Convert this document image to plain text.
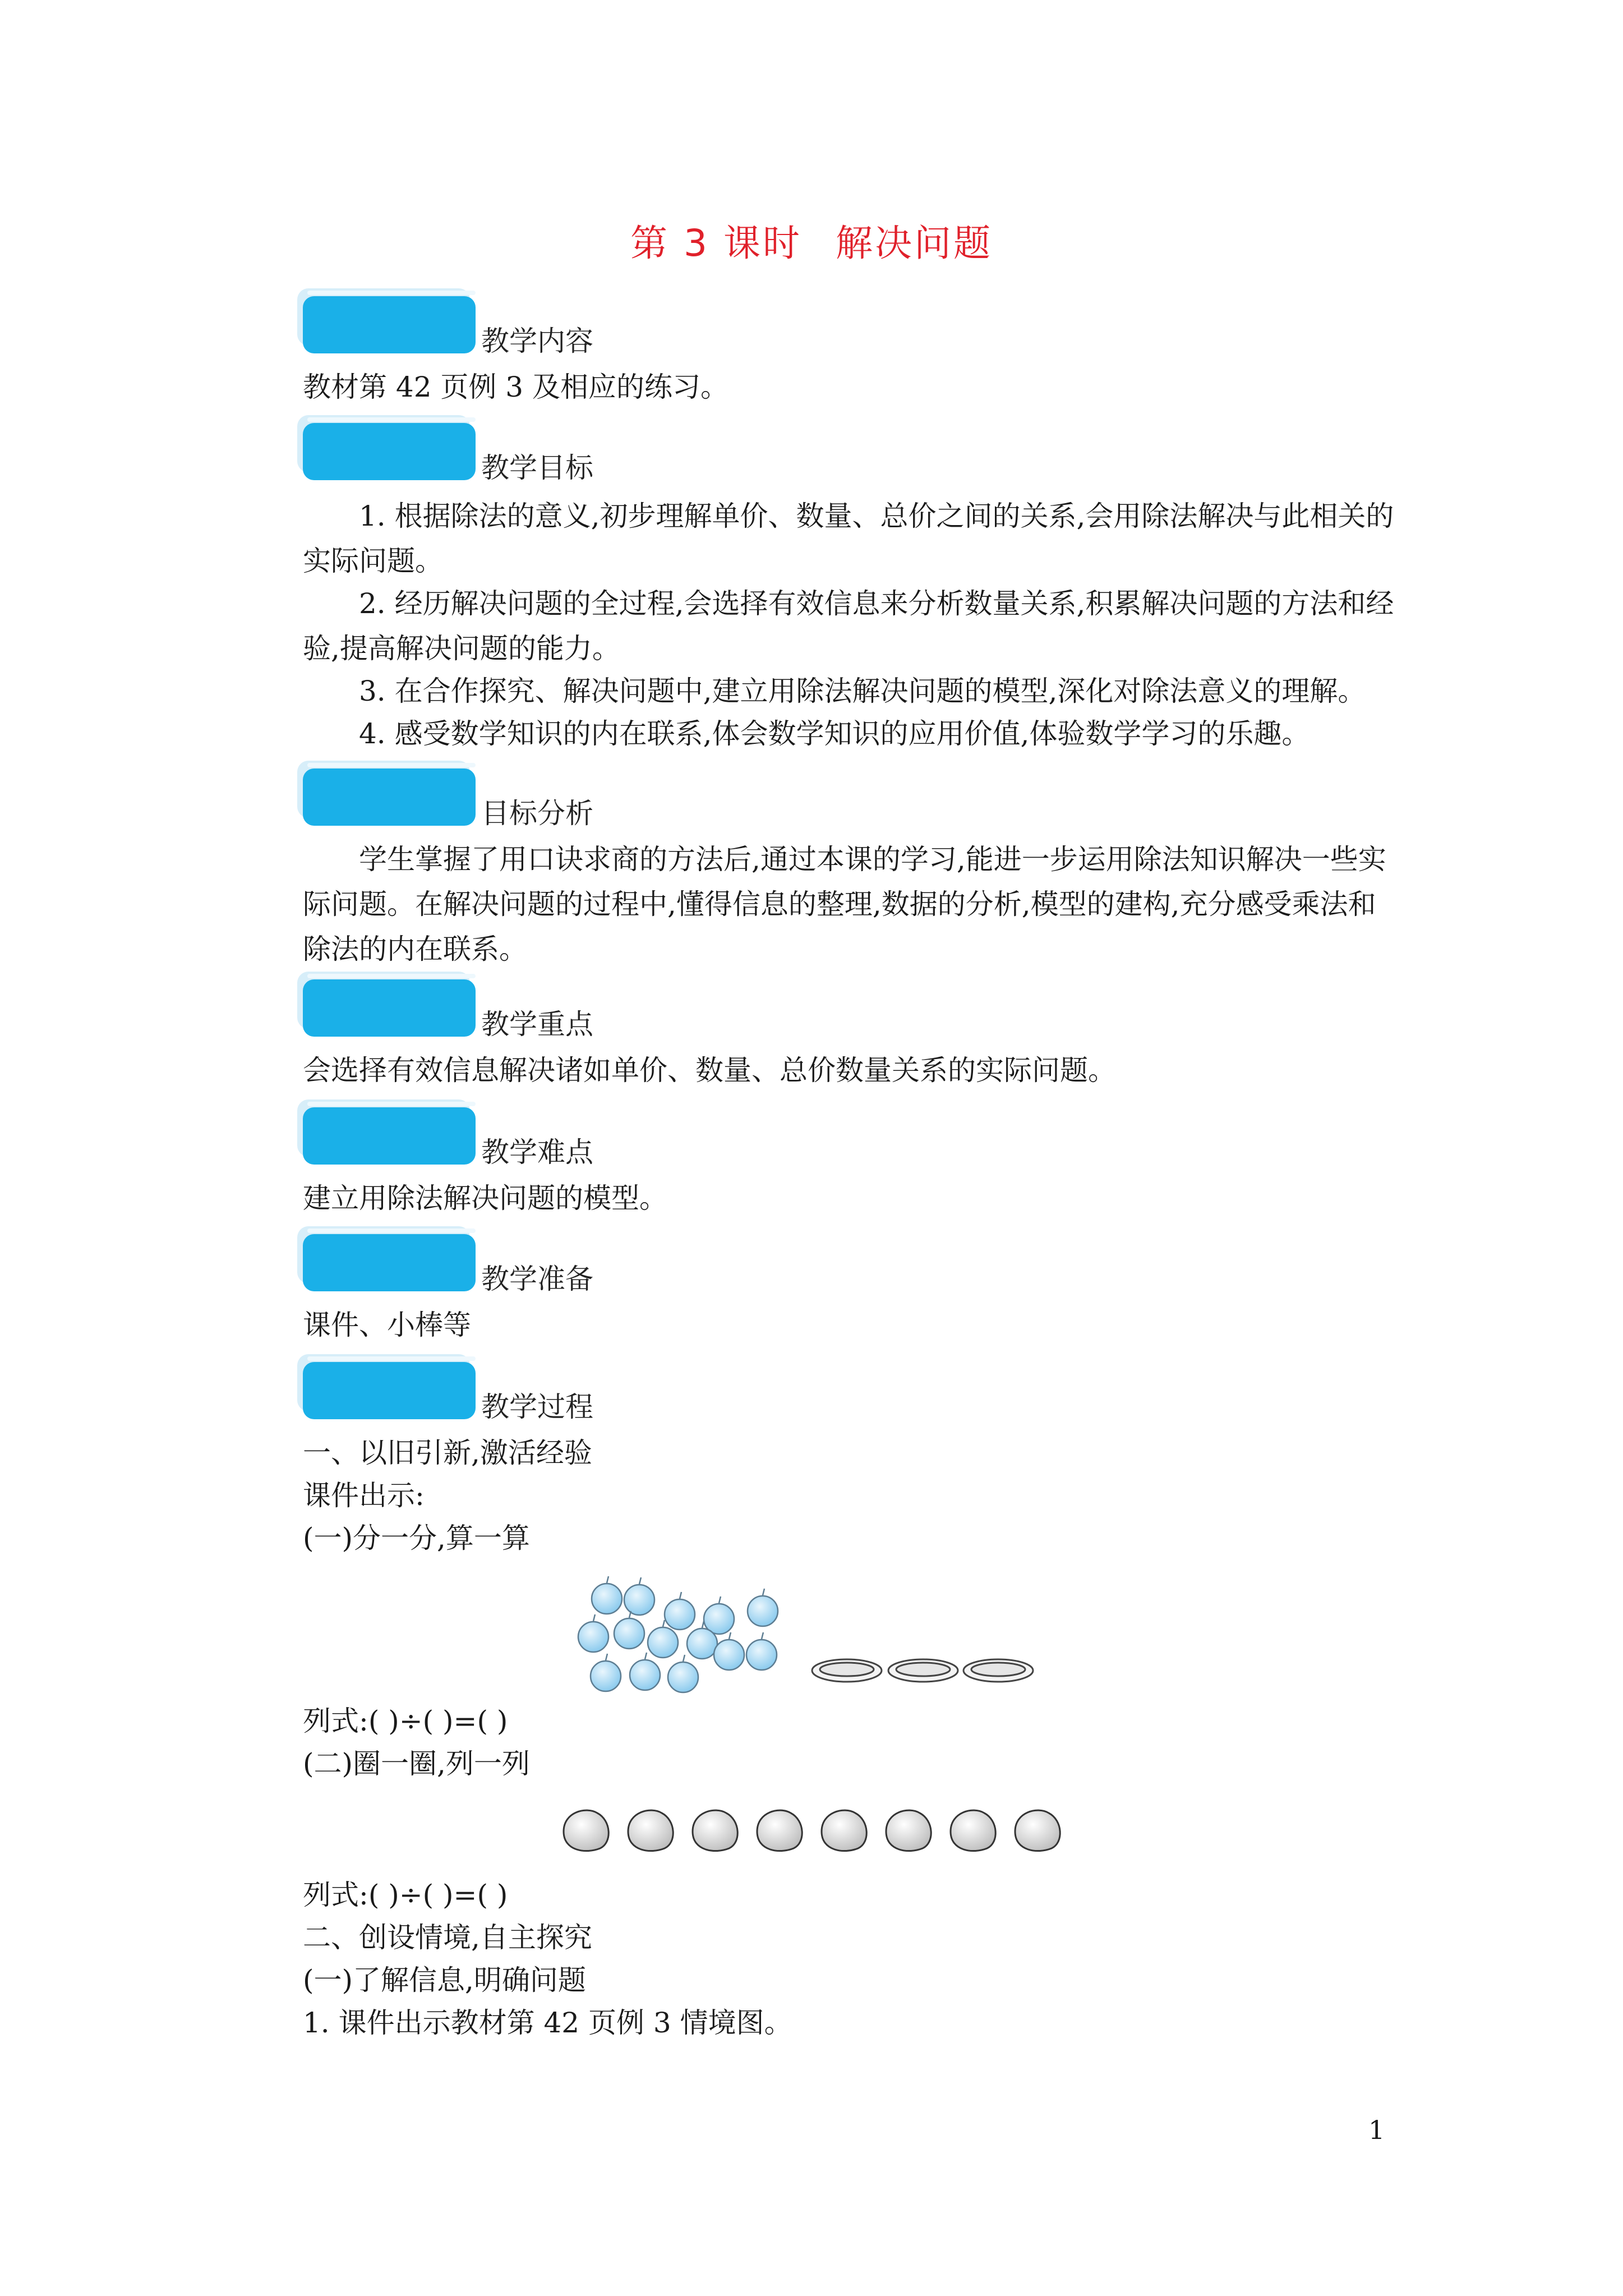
第 3 课时 解决问题
教学内容
教材第 42 页例 3 及相应的练习。
教学目标
1. 根据除法的意义,初步理解单价、数量、总价之间的关系,会用除法解决与此相关的实际问题。
2. 经历解决问题的全过程,会选择有效信息来分析数量关系,积累解决问题的方法和经验,提高解决问题的能力。
3. 在合作探究、解决问题中,建立用除法解决问题的模型,深化对除法意义的理解。
4. 感受数学知识的内在联系,体会数学知识的应用价值,体验数学学习的乐趣。
目标分析
学生掌握了用口诀求商的方法后,通过本课的学习,能进一步运用除法知识解决一些实际问题。在解决问题的过程中,懂得信息的整理,数据的分析,模型的建构,充分感受乘法和除法的内在联系。
教学重点
会选择有效信息解决诸如单价、数量、总价数量关系的实际问题。
教学难点
建立用除法解决问题的模型。
教学准备
课件、小棒等
教学过程
一、以旧引新,激活经验
课件出示:
(一)分一分,算一算
列式:( )÷( )=( )
(二)圈一圈,列一列
列式:( )÷( )=( )
二、创设情境,自主探究
(一)了解信息,明确问题
1. 课件出示教材第 42 页例 3 情境图。
1
